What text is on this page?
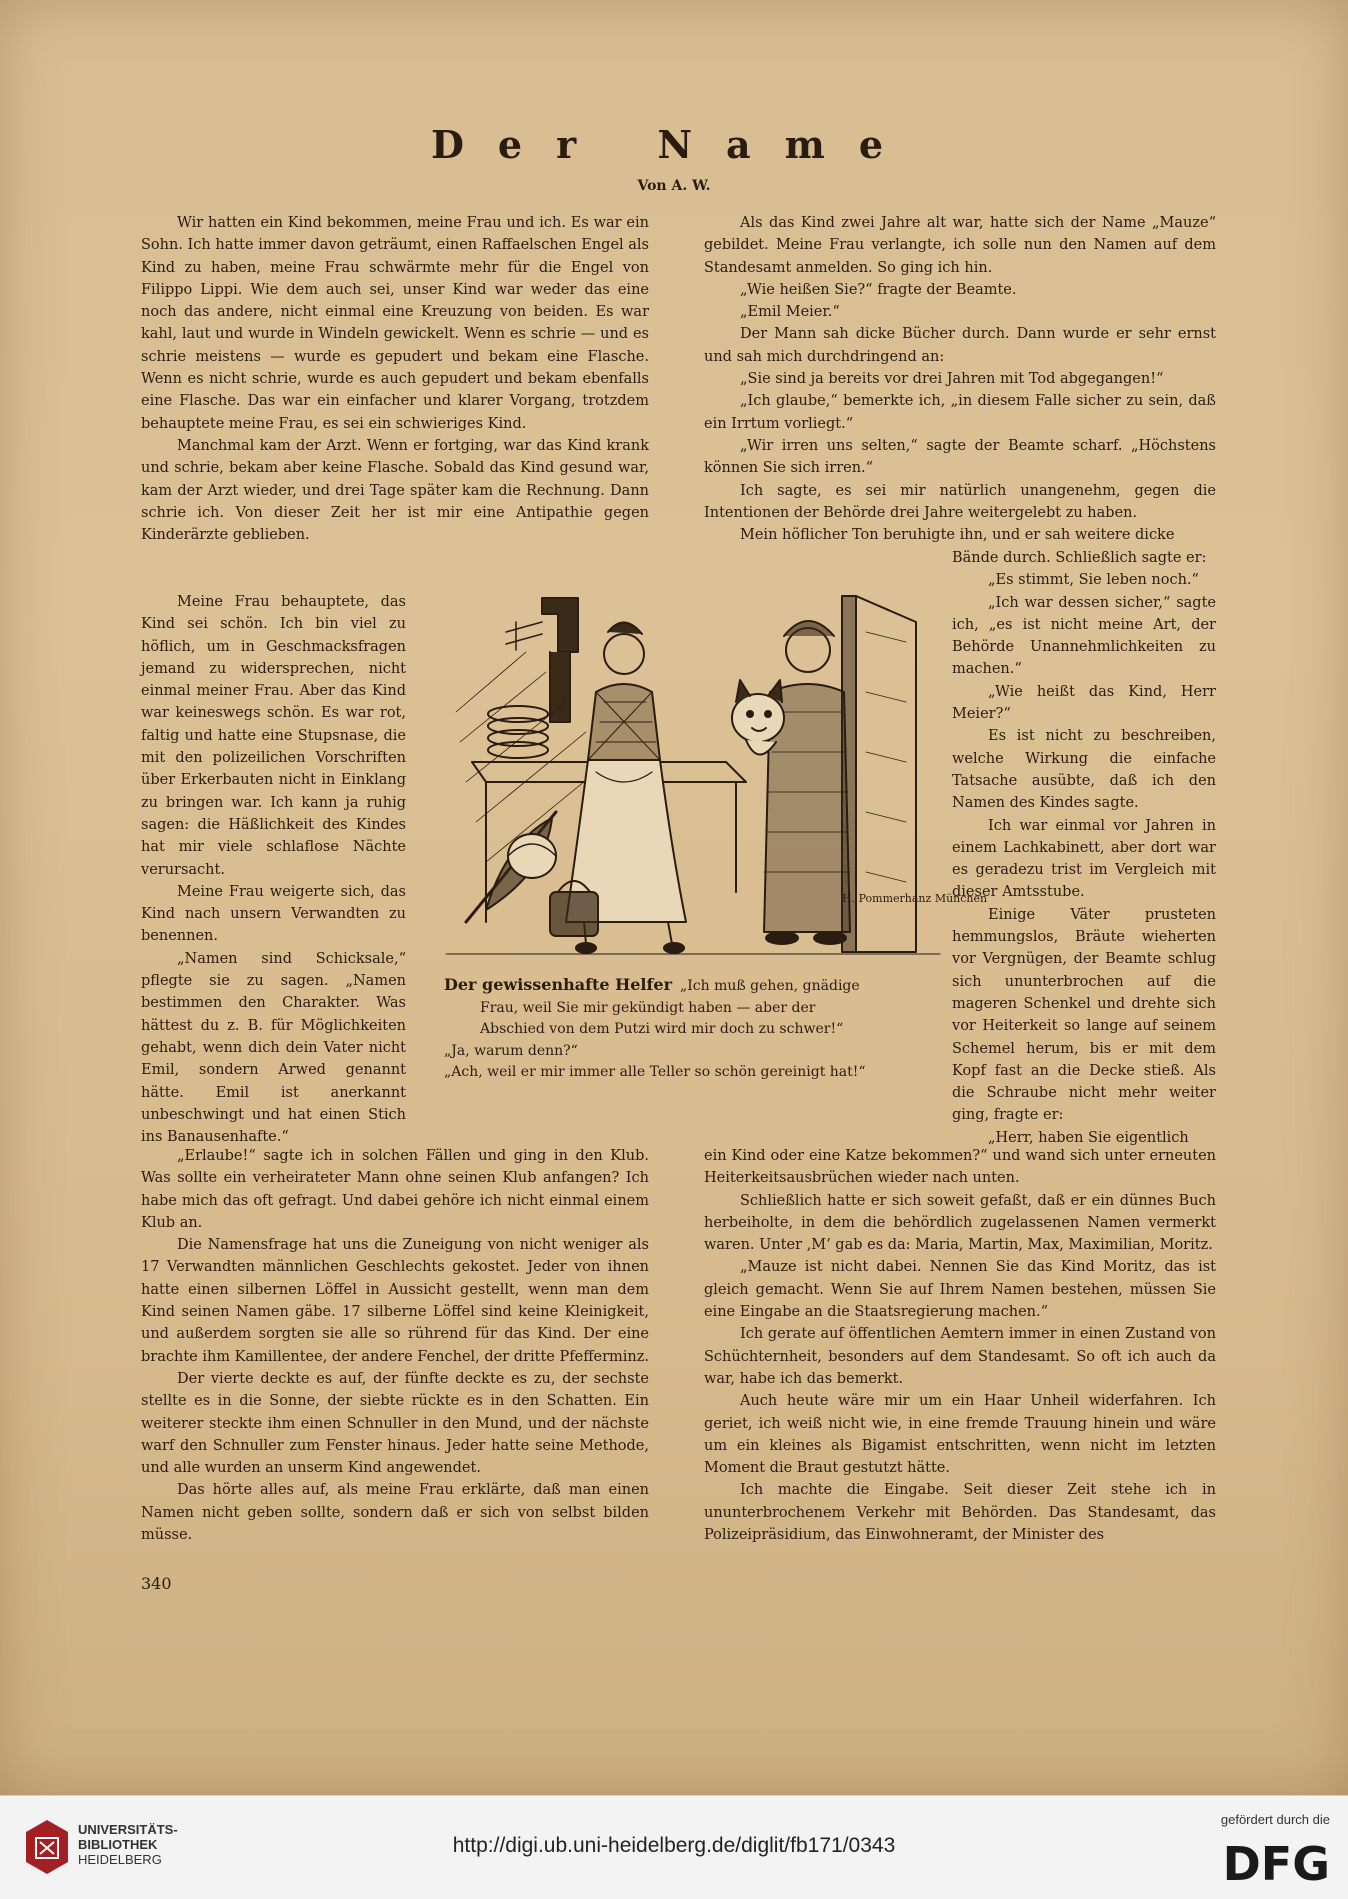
Der Name
Von A. W.

Wir hatten ein Kind bekommen, meine Frau und ich. Es war ein Sohn. Ich hatte immer davon geträumt, einen Raffaelschen Engel als Kind zu haben, meine Frau schwärmte mehr für die Engel von Filippo Lippi. Wie dem auch sei, unser Kind war weder das eine noch das andere, nicht einmal eine Kreuzung von beiden. Es war kahl, laut und wurde in Windeln gewickelt. Wenn es schrie — und es schrie meistens — wurde es gepudert und bekam eine Flasche. Wenn es nicht schrie, wurde es auch gepudert und bekam ebenfalls eine Flasche. Das war ein einfacher und klarer Vorgang, trotzdem behauptete meine Frau, es sei ein schwieriges Kind.

Manchmal kam der Arzt. Wenn er fortging, war das Kind krank und schrie, bekam aber keine Flasche. Sobald das Kind gesund war, kam der Arzt wieder, und drei Tage später kam die Rechnung. Dann schrie ich. Von dieser Zeit her ist mir eine Antipathie gegen Kinderärzte geblieben.

Meine Frau behauptete, das Kind sei schön. Ich bin viel zu höflich, um in Geschmacksfragen jemand zu widersprechen, nicht einmal meiner Frau. Aber das Kind war keineswegs schön. Es war rot, faltig und hatte eine Stupsnase, die mit den polizeilichen Vorschriften über Erkerbauten nicht in Einklang zu bringen war. Ich kann ja ruhig sagen: die Häßlichkeit des Kindes hat mir viele schlaflose Nächte verursacht.

Meine Frau weigerte sich, das Kind nach unsern Verwandten zu benennen.

„Namen sind Schicksale,“ pflegte sie zu sagen. „Namen bestimmen den Charakter. Was hättest du z. B. für Möglichkeiten gehabt, wenn dich dein Vater nicht Emil, sondern Arwed genannt hätte. Emil ist anerkannt unbeschwingt und hat einen Stich ins Banausenhafte.“

„Erlaube!“ sagte ich in solchen Fällen und ging in den Klub. Was sollte ein verheirateter Mann ohne seinen Klub anfangen? Ich habe mich das oft gefragt. Und dabei gehöre ich nicht einmal einem Klub an.

Die Namensfrage hat uns die Zuneigung von nicht weniger als 17 Verwandten männlichen Geschlechts gekostet. Jeder von ihnen hatte einen silbernen Löffel in Aussicht gestellt, wenn man dem Kind seinen Namen gäbe. 17 silberne Löffel sind keine Kleinigkeit, und außerdem sorgten sie alle so rührend für das Kind. Der eine brachte ihm Kamillentee, der andere Fenchel, der dritte Pfefferminz.

Der vierte deckte es auf, der fünfte deckte es zu, der sechste stellte es in die Sonne, der siebte rückte es in den Schatten. Ein weiterer steckte ihm einen Schnuller in den Mund, und der nächste warf den Schnuller zum Fenster hinaus. Jeder hatte seine Methode, und alle wurden an unserm Kind angewendet.

Das hörte alles auf, als meine Frau erklärte, daß man einen Namen nicht geben sollte, sondern daß er sich von selbst bilden müsse.

Als das Kind zwei Jahre alt war, hatte sich der Name „Mauze“ gebildet. Meine Frau verlangte, ich solle nun den Namen auf dem Standesamt anmelden. So ging ich hin.

„Wie heißen Sie?“ fragte der Beamte.

„Emil Meier.“

Der Mann sah dicke Bücher durch. Dann wurde er sehr ernst und sah mich durchdringend an:

„Sie sind ja bereits vor drei Jahren mit Tod abgegangen!“

„Ich glaube,“ bemerkte ich, „in diesem Falle sicher zu sein, daß ein Irrtum vorliegt.“

„Wir irren uns selten,“ sagte der Beamte scharf. „Höchstens können Sie sich irren.“

Ich sagte, es sei mir natürlich unangenehm, gegen die Intentionen der Behörde drei Jahre weitergelebt zu haben.

Mein höflicher Ton beruhigte ihn, und er sah weitere dicke

Bände durch. Schließlich sagte er:

„Es stimmt, Sie leben noch.“

„Ich war dessen sicher,“ sagte ich, „es ist nicht meine Art, der Behörde Unannehmlichkeiten zu machen.“

„Wie heißt das Kind, Herr Meier?“

Es ist nicht zu beschreiben, welche Wirkung die einfache Tatsache ausübte, daß ich den Namen des Kindes sagte.

Ich war einmal vor Jahren in einem Lachkabinett, aber dort war es geradezu trist im Vergleich mit dieser Amtsstube.

Einige Väter prusteten hemmungslos, Bräute wieherten vor Vergnügen, der Beamte schlug sich ununterbrochen auf die mageren Schenkel und drehte sich vor Heiterkeit so lange auf seinem Schemel herum, bis er mit dem Kopf fast an die Decke stieß. Als die Schraube nicht mehr weiter ging, fragte er:

„Herr, haben Sie eigentlich

ein Kind oder eine Katze bekommen?“ und wand sich unter erneuten Heiterkeitsausbrüchen wieder nach unten.

Schließlich hatte er sich soweit gefaßt, daß er ein dünnes Buch herbeiholte, in dem die behördlich zugelassenen Namen vermerkt waren. Unter ‚M‘ gab es da: Maria, Martin, Max, Maximilian, Moritz.

„Mauze ist nicht dabei. Nennen Sie das Kind Moritz, das ist gleich gemacht. Wenn Sie auf Ihrem Namen bestehen, müssen Sie eine Eingabe an die Staatsregierung machen.“

Ich gerate auf öffentlichen Aemtern immer in einen Zustand von Schüchternheit, besonders auf dem Standesamt. So oft ich auch da war, habe ich das bemerkt.

Auch heute wäre mir um ein Haar Unheil widerfahren. Ich geriet, ich weiß nicht wie, in eine fremde Trauung hinein und wäre um ein kleines als Bigamist entschritten, wenn nicht im letzten Moment die Braut gestutzt hätte.

Ich machte die Eingabe. Seit dieser Zeit stehe ich in ununterbrochenem Verkehr mit Behörden. Das Standesamt, das Polizeipräsidium, das Einwohneramt, der Minister des

H. Pommerhanz München
Der gewissenhafte Helfer „Ich muß gehen, gnädige
Frau, weil Sie mir gekündigt haben — aber der
Abschied von dem Putzi wird mir doch zu schwer!“
„Ja, warum denn?“
„Ach, weil er mir immer alle Teller so schön gereinigt hat!“
340
UNIVERSITÄTS-
BIBLIOTHEK
HEIDELBERG
http://digi.ub.uni-heidelberg.de/diglit/fb171/0343
gefördert durch die
DFG
